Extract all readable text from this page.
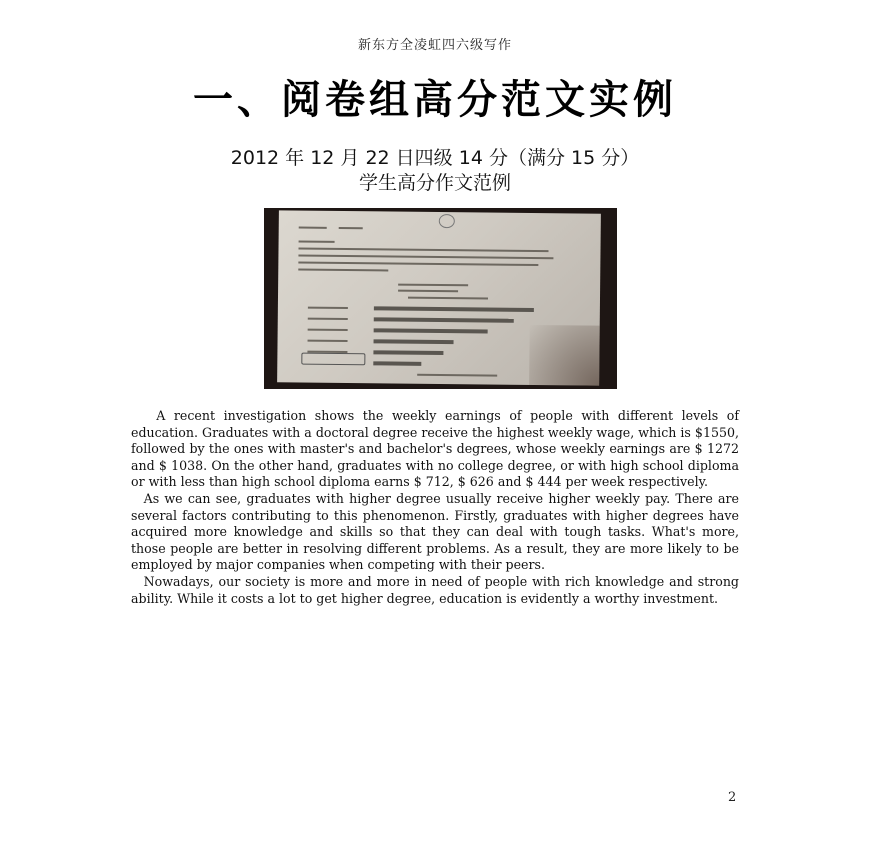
新东方全凌虹四六级写作
一、阅卷组高分范文实例
2012 年 12 月 22 日四级 14 分（满分 15 分）
学生高分作文范例

A recent investigation shows the weekly earnings of people with different levels of education. Graduates with a doctoral degree receive the highest weekly wage, which is $1550, followed by the ones with master's and bachelor's degrees, whose weekly earnings are $ 1272 and $ 1038. On the other hand, graduates with no college degree, or with high school diploma or with less than high school diploma earns $ 712, $ 626 and $ 444 per week respectively.

As we can see, graduates with higher degree usually receive higher weekly pay. There are several factors contributing to this phenomenon. Firstly, graduates with higher degrees have acquired more knowledge and skills so that they can deal with tough tasks. What's more, those people are better in resolving different problems. As a result, they are more likely to be employed by major companies when competing with their peers.

Nowadays, our society is more and more in need of people with rich knowledge and strong ability. While it costs a lot to get higher degree, education is evidently a worthy investment.

2
